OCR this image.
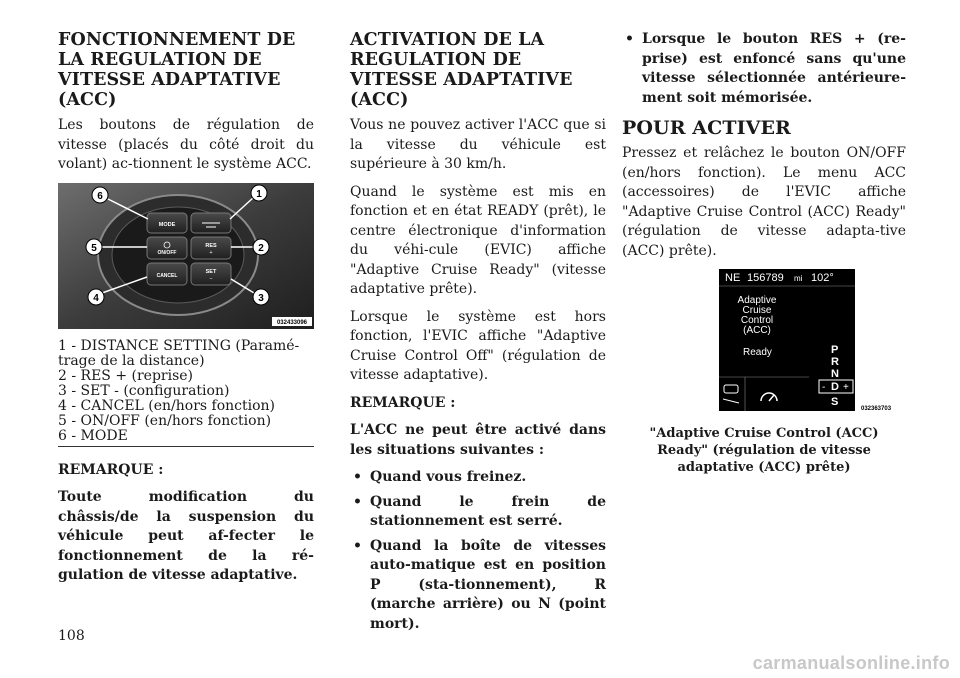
FONCTIONNEMENT DE LA REGULATION DE VITESSE ADAPTATIVE (ACC)

Les boutons de régulation de vitesse (placés du côté droit du volant) ac-tionnent le système ACC.

MODE
ON/OFF
RES
+
CANCEL
SET
−
1
2
3
4
5
6
032433096
1 - DISTANCE SETTING (Paramé-
trage de la distance)
2 - RES + (reprise)
3 - SET - (configuration)
4 - CANCEL (en/hors fonction)
5 - ON/OFF (en/hors fonction)
6 - MODE

REMARQUE :

Toute modification du châssis/de la suspension du véhicule peut af-fecter le fonctionnement de la ré-gulation de vitesse adaptative.

ACTIVATION DE LA REGULATION DE VITESSE ADAPTATIVE (ACC)

Vous ne pouvez activer l'ACC que si la vitesse du véhicule est supérieure à 30 km/h.

Quand le système est mis en fonction et en état READY (prêt), le centre électronique d'information du véhi-cule (EVIC) affiche "Adaptive Cruise Ready" (vitesse adaptative prête).

Lorsque le système est hors fonction, l'EVIC affiche "Adaptive Cruise Control Off" (régulation de vitesse adaptative).

REMARQUE :

L'ACC ne peut être activé dans les situations suivantes :

• Quand vous freinez.
• Quand le frein de stationnement est serré.
• Quand la boîte de vitesses auto-matique est en position P (sta-tionnement), R (marche arrière) ou N (point mort).
• Lorsque le bouton RES + (re-prise) est enfoncé sans qu'une vitesse sélectionnée antérieure-ment soit mémorisée.
POUR ACTIVER

Pressez et relâchez le bouton ON/OFF (en/hors fonction). Le menu ACC (accessoires) de l'EVIC affiche "Adaptive Cruise Control (ACC) Ready" (régulation de vitesse adapta-tive (ACC) prête).

NE 156789 mi 102°
Adaptive
Cruise
Control
(ACC)
Ready	P
R
N
- D +
S
032363703
"Adaptive Cruise Control (ACC) Ready" (régulation de vitesse adaptative (ACC) prête)
108
carmanualsonline.info
